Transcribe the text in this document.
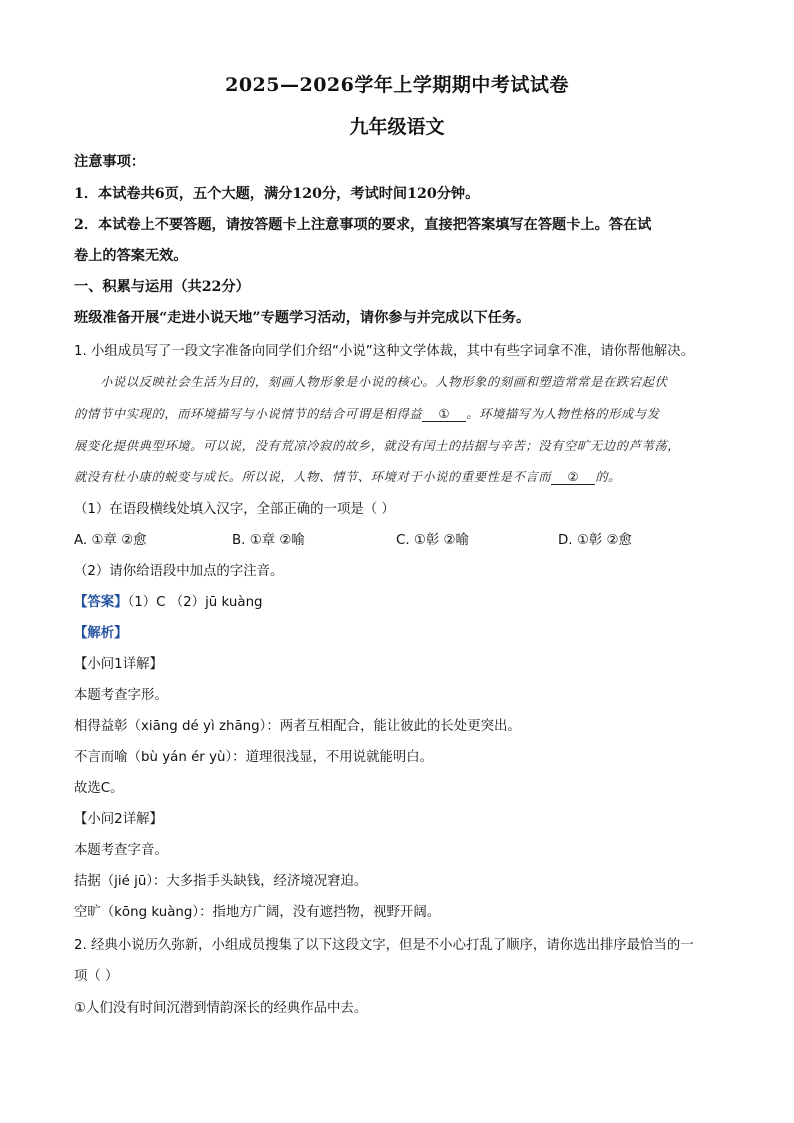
2025—2026学年上学期期中考试试卷
九年级语文
注意事项：
1．本试卷共6页，五个大题，满分120分，考试时间120分钟。
2．本试卷上不要答题，请按答题卡上注意事项的要求，直接把答案填写在答题卡上。答在试
卷上的答案无效。
一、积累与运用（共22分）
班级准备开展“走进小说天地”专题学习活动，请你参与并完成以下任务。
1. 小组成员写了一段文字准备向同学们介绍“小说”这种文学体裁，其中有些字词拿不准，请你帮他解决。
小说以反映社会生活为目的，刻画人物形象是小说的核心。人物形象的刻画和塑造常常是在跌宕起伏
的情节中实现的，而环境描写与小说情节的结合可谓是相得益 ① 。环境描写为人物性格的形成与发
展变化提供典型环境。可以说，没有荒凉冷寂的故乡，就没有闰土的拮据与辛苦；没有空旷无边的芦苇荡，
就没有杜小康的蜕变与成长。所以说，人物、情节、环境对于小说的重要性是不言而 ② 的。
（1）在语段横线处填入汉字，全部正确的一项是（ ）
A. ①章 ②愈	B. ①章 ②喻	C. ①彰 ②喻	D. ①彰 ②愈
（2）请你给语段中加点的字注音。
【答案】（1）C （2）jū kuàng
【解析】
【小问1详解】
本题考查字形。
相得益彰（xiāng dé yì zhāng）：两者互相配合，能让彼此的长处更突出。
不言而喻（bù yán ér yù）：道理很浅显，不用说就能明白。
故选C。
【小问2详解】
本题考查字音。
拮据（jié jū）：大多指手头缺钱，经济境况窘迫。
空旷（kōng kuàng）：指地方广阔，没有遮挡物，视野开阔。
2. 经典小说历久弥新，小组成员搜集了以下这段文字，但是不小心打乱了顺序，请你选出排序最恰当的一
项（ ）
①人们没有时间沉潜到情韵深长的经典作品中去。
